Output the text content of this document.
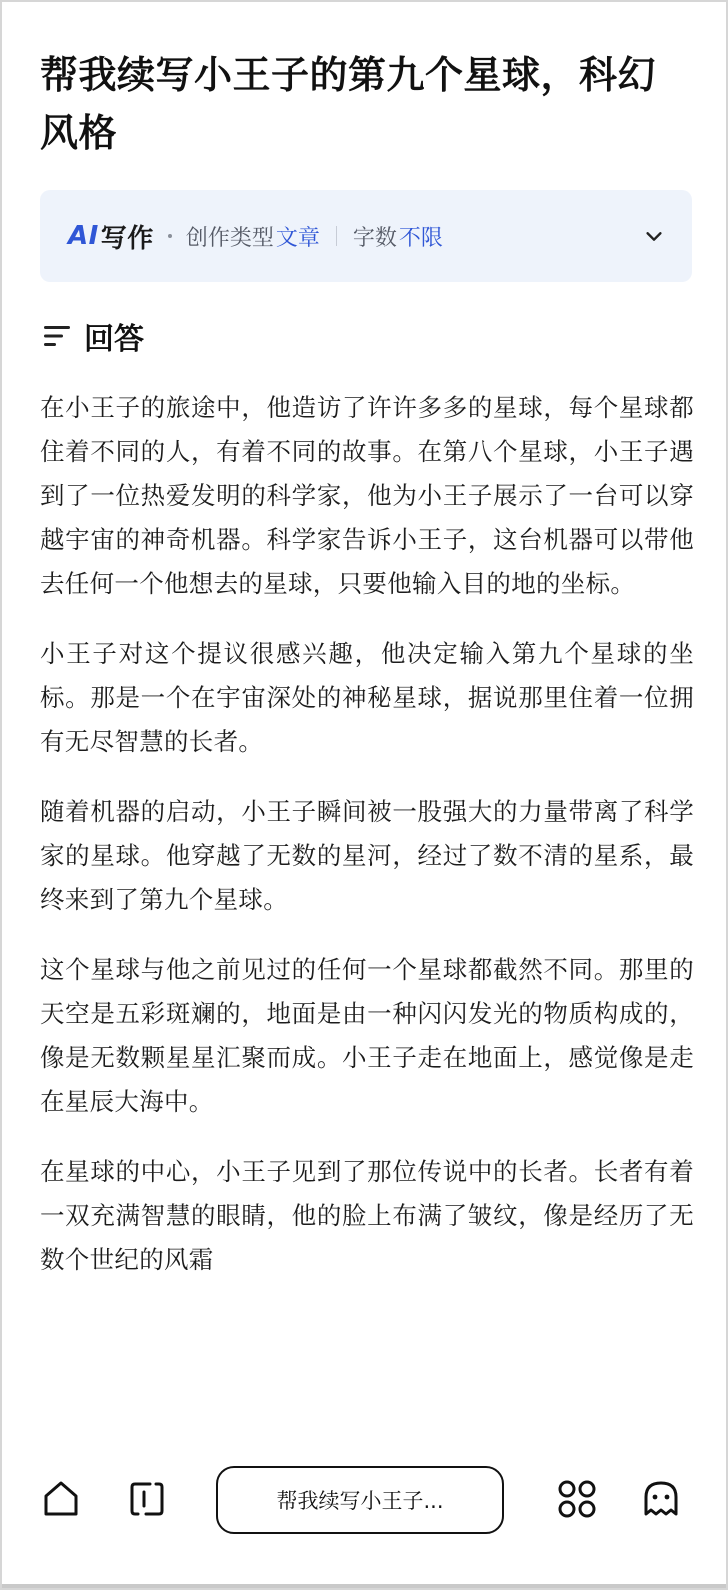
帮我续写小王子的第九个星球，科幻风格
AI 写作 创作类型 文章 字数 不限
回答

在小王子的旅途中，他造访了许许多多的星球，每个星球都住着不同的人，有着不同的故事。在第八个星球，小王子遇到了一位热爱发明的科学家，他为小王子展示了一台可以穿越宇宙的神奇机器。科学家告诉小王子，这台机器可以带他去任何一个他想去的星球，只要他输入目的地的坐标。

小王子对这个提议很感兴趣，他决定输入第九个星球的坐标。那是一个在宇宙深处的神秘星球，据说那里住着一位拥有无尽智慧的长者。

随着机器的启动，小王子瞬间被一股强大的力量带离了科学家的星球。他穿越了无数的星河，经过了数不清的星系，最终来到了第九个星球。

这个星球与他之前见过的任何一个星球都截然不同。那里的天空是五彩斑斓的，地面是由一种闪闪发光的物质构成的，像是无数颗星星汇聚而成。小王子走在地面上，感觉像是走在星辰大海中。

在星球的中心，小王子见到了那位传说中的长者。长者有着一双充满智慧的眼睛，他的脸上布满了皱纹，像是经历了无数个世纪的风霜

帮我续写小王子...
